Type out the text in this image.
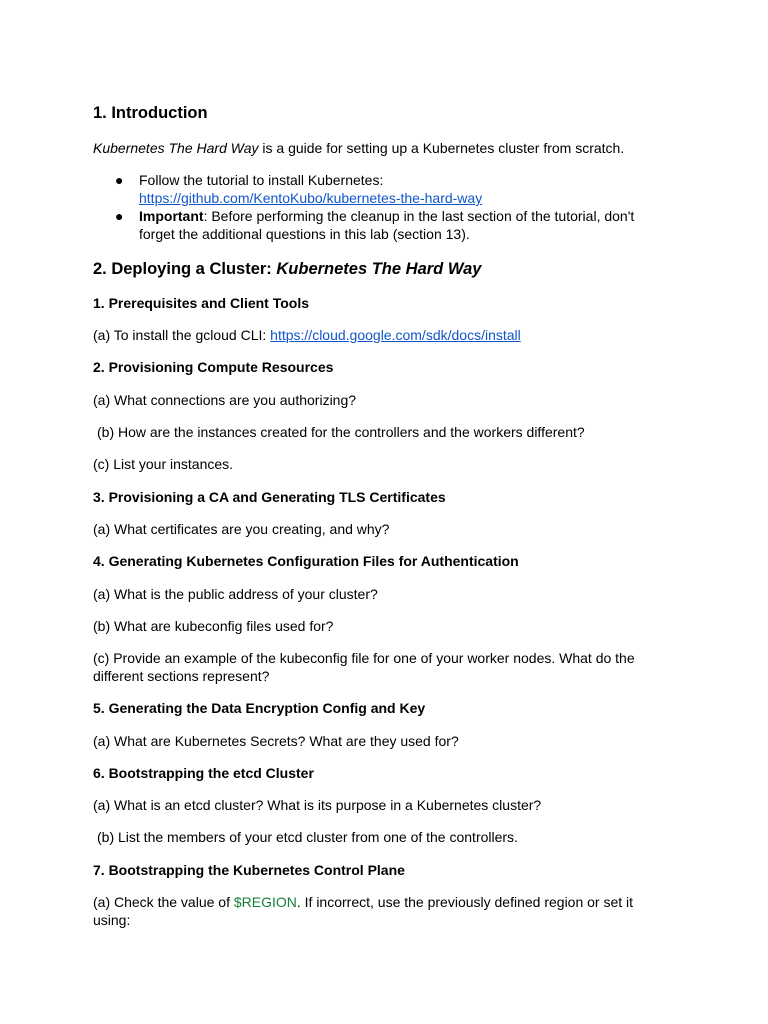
1. Introduction

Kubernetes The Hard Way is a guide for setting up a Kubernetes cluster from scratch.

● Follow the tutorial to install Kubernetes:
https://github.com/KentoKubo/kubernetes-the-hard-way
● Important: Before performing the cleanup in the last section of the tutorial, don't forget the additional questions in this lab (section 13).

2. Deploying a Cluster: Kubernetes The Hard Way

1. Prerequisites and Client Tools

(a) To install the gcloud CLI: https://cloud.google.com/sdk/docs/install

2. Provisioning Compute Resources

(a) What connections are you authorizing?

(b) How are the instances created for the controllers and the workers different?

(c) List your instances.

3. Provisioning a CA and Generating TLS Certificates

(a) What certificates are you creating, and why?

4. Generating Kubernetes Configuration Files for Authentication

(a) What is the public address of your cluster?

(b) What are kubeconfig files used for?

(c) Provide an example of the kubeconfig file for one of your worker nodes. What do the different sections represent?

5. Generating the Data Encryption Config and Key

(a) What are Kubernetes Secrets? What are they used for?

6. Bootstrapping the etcd Cluster

(a) What is an etcd cluster? What is its purpose in a Kubernetes cluster?

(b) List the members of your etcd cluster from one of the controllers.

7. Bootstrapping the Kubernetes Control Plane

(a) Check the value of $REGION. If incorrect, use the previously defined region or set it using:
